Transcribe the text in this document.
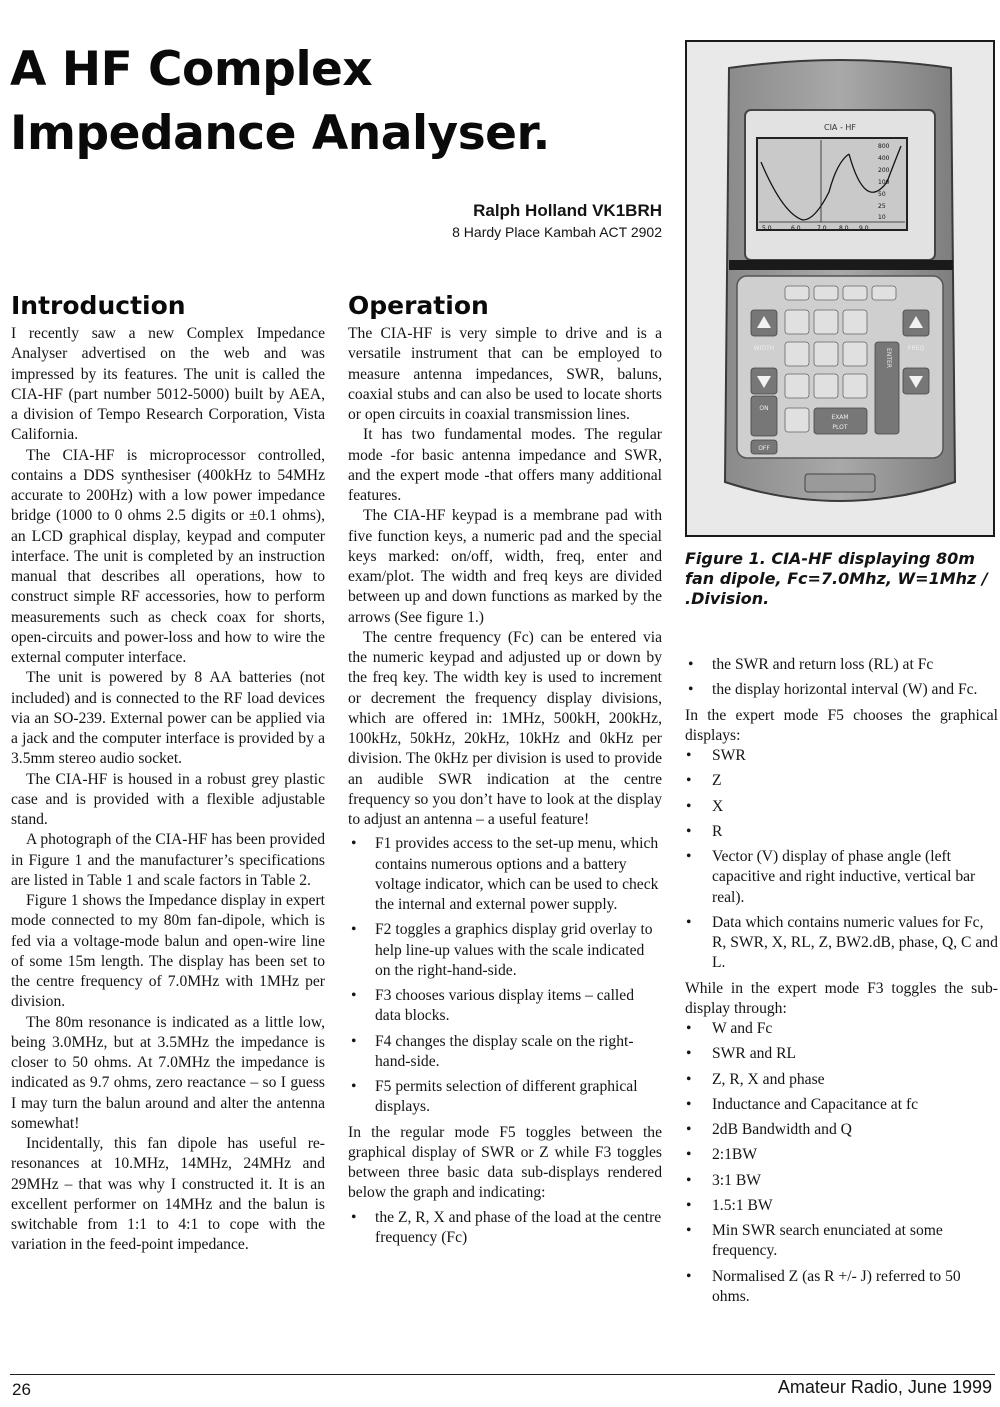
A HF Complex
Impedance Analyser.
Ralph Holland VK1BRH
8 Hardy Place Kambah ACT 2902
Introduction

I recently saw a new Complex Impedance Analyser advertised on the web and was impressed by its features. The unit is called the CIA-HF (part number 5012-5000) built by AEA, a division of Tempo Research Corporation, Vista California.

The CIA-HF is microprocessor controlled, contains a DDS synthesiser (400kHz to 54MHz accurate to 200Hz) with a low power impedance bridge (1000 to 0 ohms 2.5 digits or ±0.1 ohms), an LCD graphical display, keypad and computer interface. The unit is completed by an instruction manual that describes all operations, how to construct simple RF accessories, how to perform measurements such as check coax for shorts, open-circuits and power-loss and how to wire the external computer interface.

The unit is powered by 8 AA batteries (not included) and is connected to the RF load devices via an SO-239. External power can be applied via a jack and the computer interface is provided by a 3.5mm stereo audio socket.

The CIA-HF is housed in a robust grey plastic case and is provided with a flexible adjustable stand.

A photograph of the CIA-HF has been provided in Figure 1 and the manufacturer’s specifications are listed in Table 1 and scale factors in Table 2.

Figure 1 shows the Impedance display in expert mode connected to my 80m fan-dipole, which is fed via a voltage-mode balun and open-wire line of some 15m length. The display has been set to the centre frequency of 7.0MHz with 1MHz per division.

The 80m resonance is indicated as a little low, being 3.0MHz, but at 3.5MHz the impedance is closer to 50 ohms. At 7.0MHz the impedance is indicated as 9.7 ohms, zero reactance – so I guess I may turn the balun around and alter the antenna somewhat!

Incidentally, this fan dipole has useful re-resonances at 10.MHz, 14MHz, 24MHz and 29MHz – that was why I constructed it. It is an excellent performer on 14MHz and the balun is switchable from 1:1 to 4:1 to cope with the variation in the feed-point impedance.

Operation

The CIA-HF is very simple to drive and is a versatile instrument that can be employed to measure antenna impedances, SWR, baluns, coaxial stubs and can also be used to locate shorts or open circuits in coaxial transmission lines.

It has two fundamental modes. The regular mode -for basic antenna impedance and SWR, and the expert mode -that offers many additional features.

The CIA-HF keypad is a membrane pad with five function keys, a numeric pad and the special keys marked: on/off, width, freq, enter and exam/plot. The width and freq keys are divided between up and down functions as marked by the arrows (See figure 1.)

The centre frequency (Fc) can be entered via the numeric keypad and adjusted up or down by the freq key. The width key is used to increment or decrement the frequency display divisions, which are offered in: 1MHz, 500kH, 200kHz, 100kHz, 50kHz, 20kHz, 10kHz and 0kHz per division. The 0kHz per division is used to provide an audible SWR indication at the centre frequency so you don’t have to look at the display to adjust an antenna – a useful feature!

• F1 provides access to the set-up menu, which contains numerous options and a battery voltage indicator, which can be used to check the internal and external power supply.
• F2 toggles a graphics display grid overlay to help line-up values with the scale indicated on the right-hand-side.
• F3 chooses various display items – called data blocks.
• F4 changes the display scale on the right-hand-side.
• F5 permits selection of different graphical displays.

In the regular mode F5 toggles between the graphical display of SWR or Z while F3 toggles between three basic data sub-displays rendered below the graph and indicating:

• the Z, R, X and phase of the load at the centre frequency (Fc)
CIA - HF
800
400
200
100
50
25
10
5.0	6.0	7.0 8.0 9.0
WIDTH	FREQ
ON
OFF
EXAM
PLOT
ENTER
Figure 1. CIA-HF displaying 80m fan dipole, Fc=7.0Mhz, W=1Mhz / .Division.
• the SWR and return loss (RL) at Fc
• the display horizontal interval (W) and Fc.

In the expert mode F5 chooses the graphical displays:

• SWR
• Z
• X
• R
• Vector (V) display of phase angle (left capacitive and right inductive, vertical bar real).
• Data which contains numeric values for Fc, R, SWR, X, RL, Z, BW2.dB, phase, Q, C and L.

While in the expert mode F3 toggles the sub-display through:

• W and Fc
• SWR and RL
• Z, R, X and phase
• Inductance and Capacitance at fc
• 2dB Bandwidth and Q
• 2:1BW
• 3:1 BW
• 1.5:1 BW
• Min SWR search enunciated at some frequency.
• Normalised Z (as R +/- J) referred to 50 ohms.
26	Amateur Radio, June 1999
